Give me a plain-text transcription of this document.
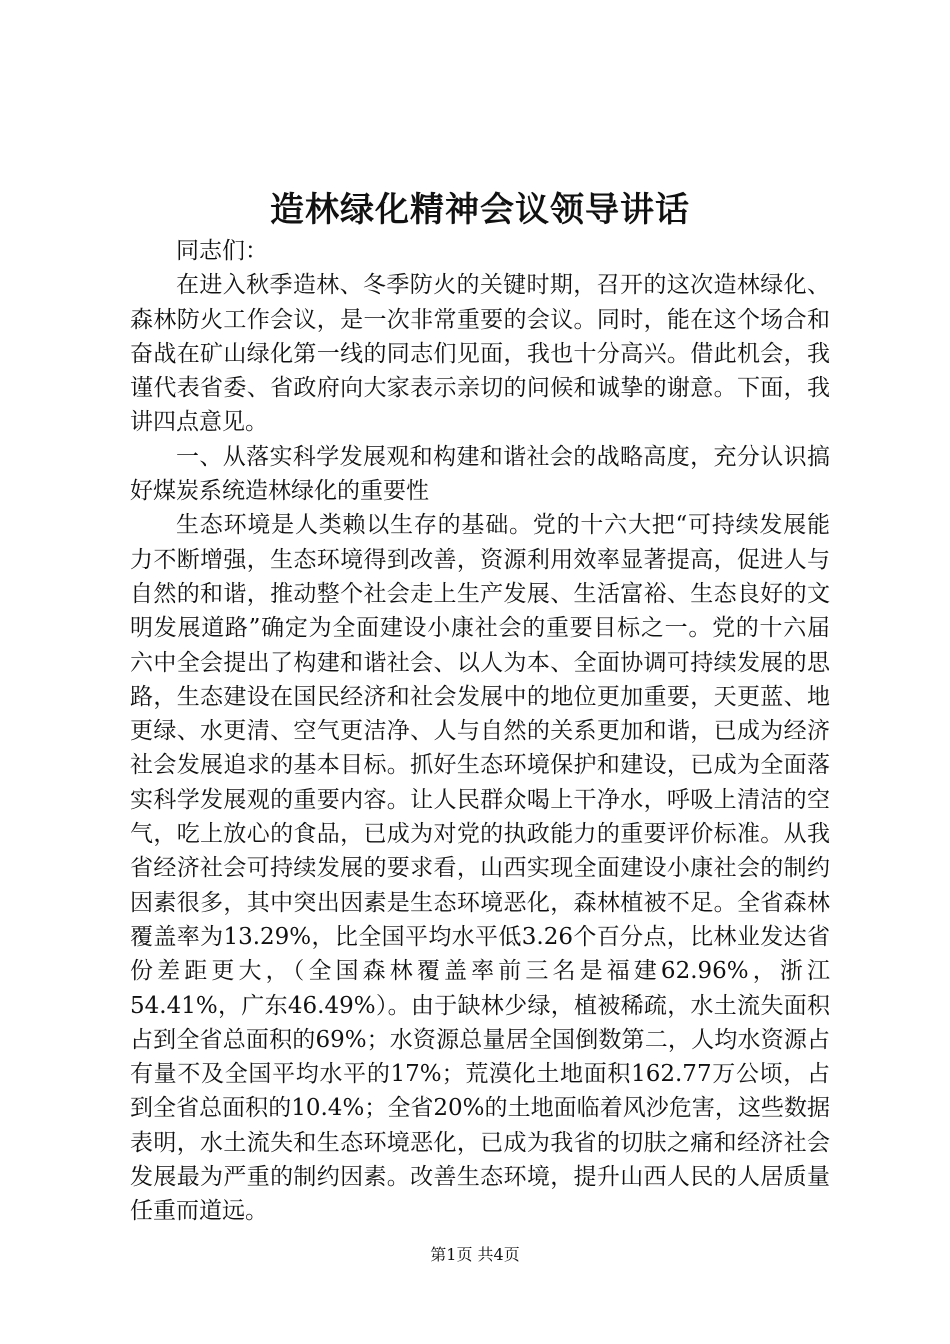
造林绿化精神会议领导讲话

同志们：

在进入秋季造林、冬季防火的关键时期，召开的这次造林绿化、森林防火工作会议，是一次非常重要的会议。同时，能在这个场合和奋战在矿山绿化第一线的同志们见面，我也十分高兴。借此机会，我谨代表省委、省政府向大家表示亲切的问候和诚挚的谢意。下面，我讲四点意见。

一、从落实科学发展观和构建和谐社会的战略高度，充分认识搞好煤炭系统造林绿化的重要性

生态环境是人类赖以生存的基础。党的十六大把“可持续发展能力不断增强，生态环境得到改善，资源利用效率显著提高，促进人与自然的和谐，推动整个社会走上生产发展、生活富裕、生态良好的文明发展道路”确定为全面建设小康社会的重要目标之一。党的十六届六中全会提出了构建和谐社会、以人为本、全面协调可持续发展的思路，生态建设在国民经济和社会发展中的地位更加重要，天更蓝、地更绿、水更清、空气更洁净、人与自然的关系更加和谐，已成为经济社会发展追求的基本目标。抓好生态环境保护和建设，已成为全面落实科学发展观的重要内容。让人民群众喝上干净水，呼吸上清洁的空气，吃上放心的食品，已成为对党的执政能力的重要评价标准。从我省经济社会可持续发展的要求看，山西实现全面建设小康社会的制约因素很多，其中突出因素是生态环境恶化，森林植被不足。全省森林覆盖率为13.29%，比全国平均水平低3.26个百分点，比林业发达省份差距更大，（全国森林覆盖率前三名是福建62.96%，浙江54.41%，广东46.49%）。由于缺林少绿，植被稀疏，水土流失面积占到全省总面积的69%；水资源总量居全国倒数第二，人均水资源占有量不及全国平均水平的17%；荒漠化土地面积162.77万公顷，占到全省总面积的10.4%；全省20%的土地面临着风沙危害，这些数据表明，水土流失和生态环境恶化，已成为我省的切肤之痛和经济社会发展最为严重的制约因素。改善生态环境，提升山西人民的人居质量任重而道远。

第1页 共4页
